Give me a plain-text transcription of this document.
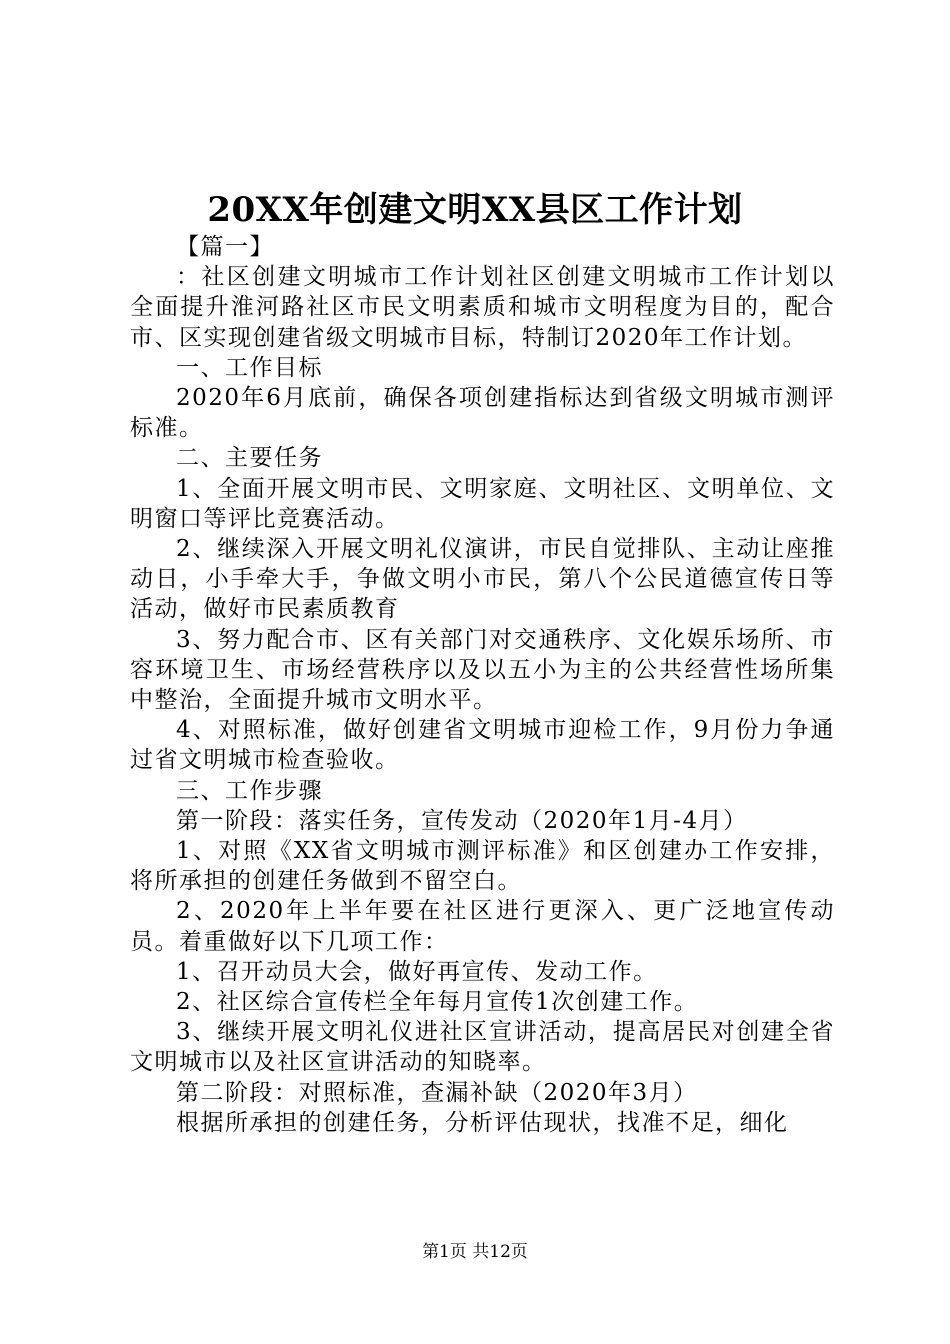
20XX年创建文明XX县区工作计划

【篇一】

：社区创建文明城市工作计划社区创建文明城市工作计划以全面提升淮河路社区市民文明素质和城市文明程度为目的，配合市、区实现创建省级文明城市目标，特制订2020年工作计划。

一、工作目标

2020年6月底前，确保各项创建指标达到省级文明城市测评标准。

二、主要任务

1、全面开展文明市民、文明家庭、文明社区、文明单位、文明窗口等评比竞赛活动。

2、继续深入开展文明礼仪演讲，市民自觉排队、主动让座推动日，小手牵大手，争做文明小市民，第八个公民道德宣传日等活动，做好市民素质教育

3、努力配合市、区有关部门对交通秩序、文化娱乐场所、市容环境卫生、市场经营秩序以及以五小为主的公共经营性场所集中整治，全面提升城市文明水平。

4、对照标准，做好创建省文明城市迎检工作，9月份力争通过省文明城市检查验收。

三、工作步骤

第一阶段：落实任务，宣传发动（2020年1月-4月）

1、对照《XX省文明城市测评标准》和区创建办工作安排，将所承担的创建任务做到不留空白。

2、2020年上半年要在社区进行更深入、更广泛地宣传动员。着重做好以下几项工作：

1、召开动员大会，做好再宣传、发动工作。

2、社区综合宣传栏全年每月宣传1次创建工作。

3、继续开展文明礼仪进社区宣讲活动，提高居民对创建全省文明城市以及社区宣讲活动的知晓率。

第二阶段：对照标准，查漏补缺（2020年3月）

根据所承担的创建任务，分析评估现状，找准不足，细化

第1页 共12页
